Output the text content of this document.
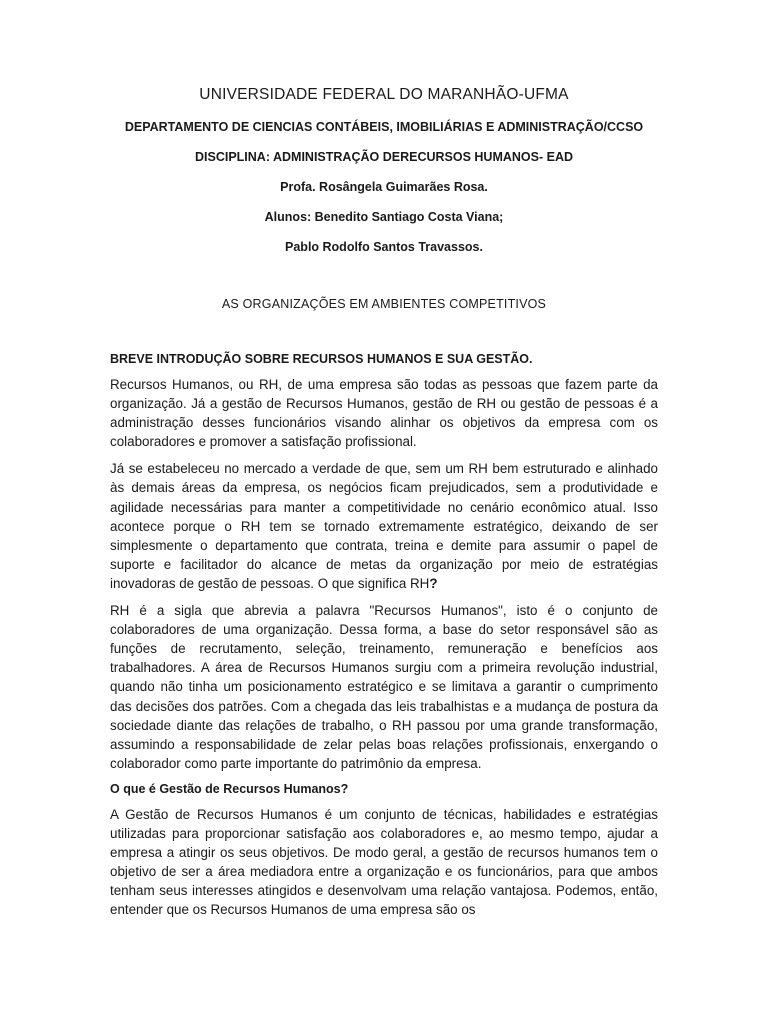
UNIVERSIDADE FEDERAL DO MARANHÃO-UFMA
DEPARTAMENTO DE CIENCIAS CONTÁBEIS, IMOBILIÁRIAS E ADMINISTRAÇÃO/CCSO
DISCIPLINA: ADMINISTRAÇÃO DERECURSOS HUMANOS- EAD
Profa. Rosângela Guimarães Rosa.
Alunos: Benedito Santiago Costa Viana;
Pablo Rodolfo Santos Travassos.
AS ORGANIZAÇÕES EM AMBIENTES COMPETITIVOS
BREVE INTRODUÇÃO SOBRE RECURSOS HUMANOS E SUA GESTÃO.

Recursos Humanos, ou RH, de uma empresa são todas as pessoas que fazem parte da organização. Já a gestão de Recursos Humanos, gestão de RH ou gestão de pessoas é a administração desses funcionários visando alinhar os objetivos da empresa com os colaboradores e promover a satisfação profissional.

Já se estabeleceu no mercado a verdade de que, sem um RH bem estruturado e alinhado às demais áreas da empresa, os negócios ficam prejudicados, sem a produtividade e agilidade necessárias para manter a competitividade no cenário econômico atual. Isso acontece porque o RH tem se tornado extremamente estratégico, deixando de ser simplesmente o departamento que contrata, treina e demite para assumir o papel de suporte e facilitador do alcance de metas da organização por meio de estratégias inovadoras de gestão de pessoas. O que significa RH?

RH é a sigla que abrevia a palavra "Recursos Humanos", isto é o conjunto de colaboradores de uma organização. Dessa forma, a base do setor responsável são as funções de recrutamento, seleção, treinamento, remuneração e benefícios aos trabalhadores. A área de Recursos Humanos surgiu com a primeira revolução industrial, quando não tinha um posicionamento estratégico e se limitava a garantir o cumprimento das decisões dos patrões. Com a chegada das leis trabalhistas e a mudança de postura da sociedade diante das relações de trabalho, o RH passou por uma grande transformação, assumindo a responsabilidade de zelar pelas boas relações profissionais, enxergando o colaborador como parte importante do patrimônio da empresa.

O que é Gestão de Recursos Humanos?

A Gestão de Recursos Humanos é um conjunto de técnicas, habilidades e estratégias utilizadas para proporcionar satisfação aos colaboradores e, ao mesmo tempo, ajudar a empresa a atingir os seus objetivos. De modo geral, a gestão de recursos humanos tem o objetivo de ser a área mediadora entre a organização e os funcionários, para que ambos tenham seus interesses atingidos e desenvolvam uma relação vantajosa. Podemos, então, entender que os Recursos Humanos de uma empresa são os
